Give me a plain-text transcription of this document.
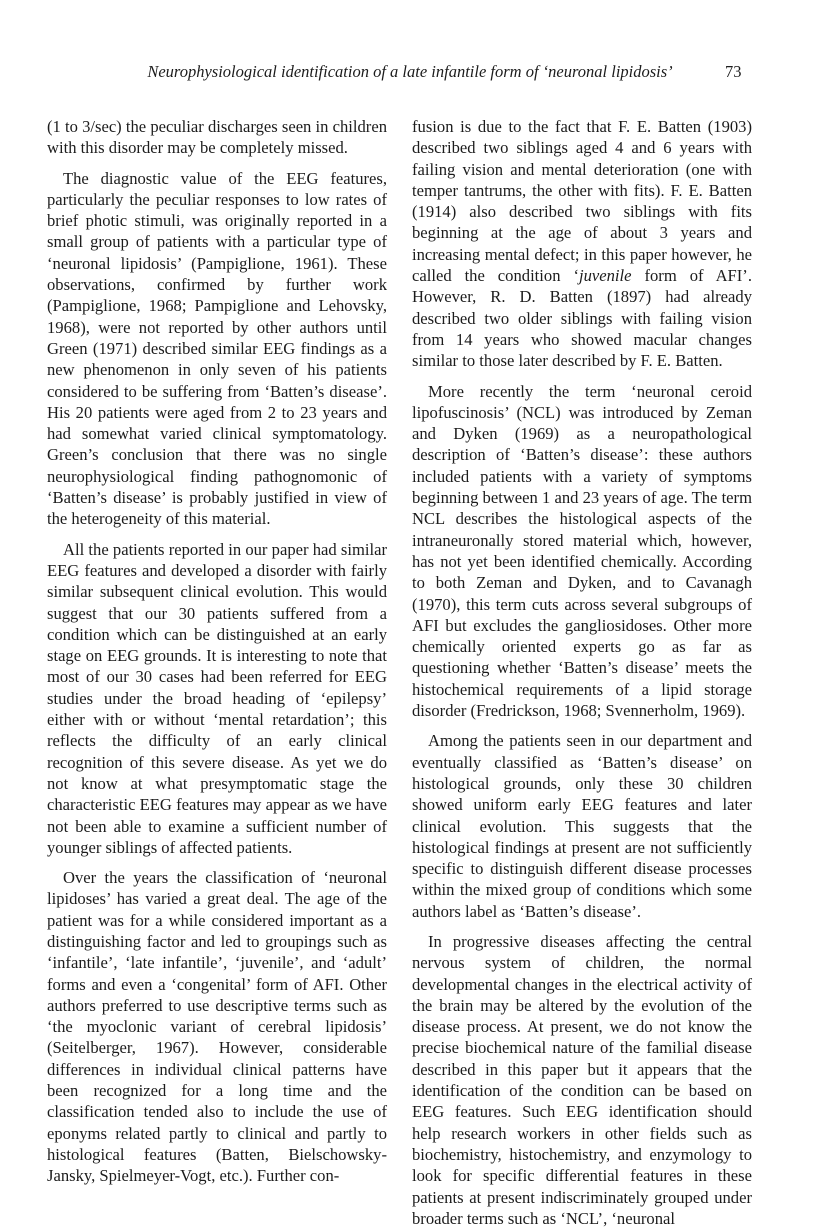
Neurophysiological identification of a late infantile form of ‘neuronal lipidosis’	73

(1 to 3/sec) the peculiar discharges seen in children with this disorder may be completely missed.

The diagnostic value of the EEG features, particularly the peculiar responses to low rates of brief photic stimuli, was originally reported in a small group of patients with a particular type of ‘neuronal lipidosis’ (Pampiglione, 1961). These observations, confirmed by further work (Pampiglione, 1968; Pampiglione and Lehovsky, 1968), were not reported by other authors until Green (1971) described similar EEG findings as a new phenomenon in only seven of his patients considered to be suffering from ‘Batten’s disease’. His 20 patients were aged from 2 to 23 years and had somewhat varied clinical symptomatology. Green’s conclusion that there was no single neurophysiological finding pathognomonic of ‘Batten’s disease’ is probably justified in view of the heterogeneity of this material.

All the patients reported in our paper had similar EEG features and developed a disorder with fairly similar subsequent clinical evolution. This would suggest that our 30 patients suffered from a condition which can be distinguished at an early stage on EEG grounds. It is interesting to note that most of our 30 cases had been referred for EEG studies under the broad heading of ‘epilepsy’ either with or without ‘mental retardation’; this reflects the difficulty of an early clinical recognition of this severe disease. As yet we do not know at what presymptomatic stage the characteristic EEG features may appear as we have not been able to examine a sufficient number of younger siblings of affected patients.

Over the years the classification of ‘neuronal lipidoses’ has varied a great deal. The age of the patient was for a while considered important as a distinguishing factor and led to groupings such as ‘infantile’, ‘late infantile’, ‘juvenile’, and ‘adult’ forms and even a ‘congenital’ form of AFI. Other authors preferred to use descriptive terms such as ‘the myoclonic variant of cerebral lipidosis’ (Seitelberger, 1967). However, considerable differences in individual clinical patterns have been recognized for a long time and the classification tended also to include the use of eponyms related partly to clinical and partly to histological features (Batten, Bielschowsky-Jansky, Spielmeyer-Vogt, etc.). Further con-

fusion is due to the fact that F. E. Batten (1903) described two siblings aged 4 and 6 years with failing vision and mental deterioration (one with temper tantrums, the other with fits). F. E. Batten (1914) also described two siblings with fits beginning at the age of about 3 years and increasing mental defect; in this paper however, he called the condition ‘juvenile form of AFI’. However, R. D. Batten (1897) had already described two older siblings with failing vision from 14 years who showed macular changes similar to those later described by F. E. Batten.

More recently the term ‘neuronal ceroid lipofuscinosis’ (NCL) was introduced by Zeman and Dyken (1969) as a neuropathological description of ‘Batten’s disease’: these authors included patients with a variety of symptoms beginning between 1 and 23 years of age. The term NCL describes the histological aspects of the intraneuronally stored material which, however, has not yet been identified chemically. According to both Zeman and Dyken, and to Cavanagh (1970), this term cuts across several subgroups of AFI but excludes the gangliosidoses. Other more chemically oriented experts go as far as questioning whether ‘Batten’s disease’ meets the histochemical requirements of a lipid storage disorder (Fredrickson, 1968; Svennerholm, 1969).

Among the patients seen in our department and eventually classified as ‘Batten’s disease’ on histological grounds, only these 30 children showed uniform early EEG features and later clinical evolution. This suggests that the histological findings at present are not sufficiently specific to distinguish different disease processes within the mixed group of conditions which some authors label as ‘Batten’s disease’.

In progressive diseases affecting the central nervous system of children, the normal developmental changes in the electrical activity of the brain may be altered by the evolution of the disease process. At present, we do not know the precise biochemical nature of the familial disease described in this paper but it appears that the identification of the condition can be based on EEG features. Such EEG identification should help research workers in other fields such as biochemistry, histochemistry, and enzymology to look for specific differential features in these patients at present indiscriminately grouped under broader terms such as ‘NCL’, ‘neuronal
